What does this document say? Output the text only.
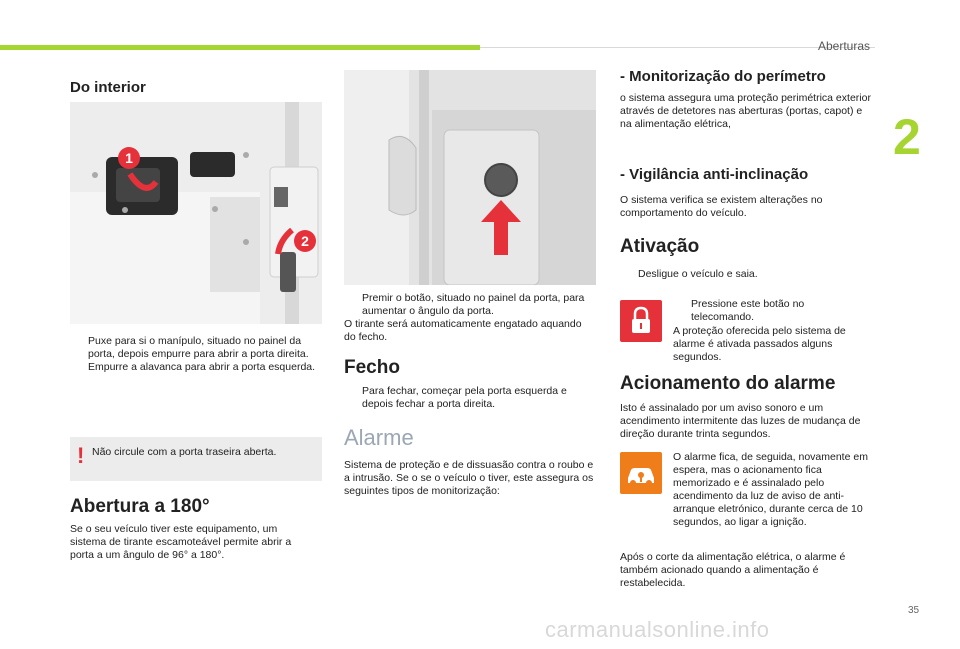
Aberturas
2
35
carmanualsonline.info
Do interior
1
2
Puxe para si o manípulo, situado no painel da porta, depois empurre para abrir a porta direita.
Empurre a alavanca para abrir a porta esquerda.
! Não circule com a porta traseira aberta.
Abertura a 180°
Se o seu veículo tiver este equipamento, um sistema de tirante escamoteável permite abrir a porta a um ângulo de 96° a 180°.
Premir o botão, situado no painel da porta, para aumentar o ângulo da porta.
O tirante será automaticamente engatado aquando do fecho.
Fecho
Para fechar, começar pela porta esquerda e depois fechar a porta direita.
Alarme
Sistema de proteção e de dissuasão contra o roubo e a intrusão. Se o se o veículo o tiver, este assegura os seguintes tipos de monitorização:
- Monitorização do perímetro
o sistema assegura uma proteção perimétrica exterior através de detetores nas aberturas (portas, capot) e na alimentação elétrica,
- Vigilância anti-inclinação
O sistema verifica se existem alterações no comportamento do veículo.
Ativação
Desligue o veículo e saia.
Pressione este botão no telecomando.
A proteção oferecida pelo sistema de alarme é ativada passados alguns segundos.
Acionamento do alarme
Isto é assinalado por um aviso sonoro e um acendimento intermitente das luzes de mudança de direção durante trinta segundos.
O alarme fica, de seguida, novamente em espera, mas o acionamento fica memorizado e é assinalado pelo acendimento da luz de aviso de anti-arranque eletrónico, durante cerca de 10 segundos, ao ligar a ignição.
Após o corte da alimentação elétrica, o alarme é também acionado quando a alimentação é restabelecida.
